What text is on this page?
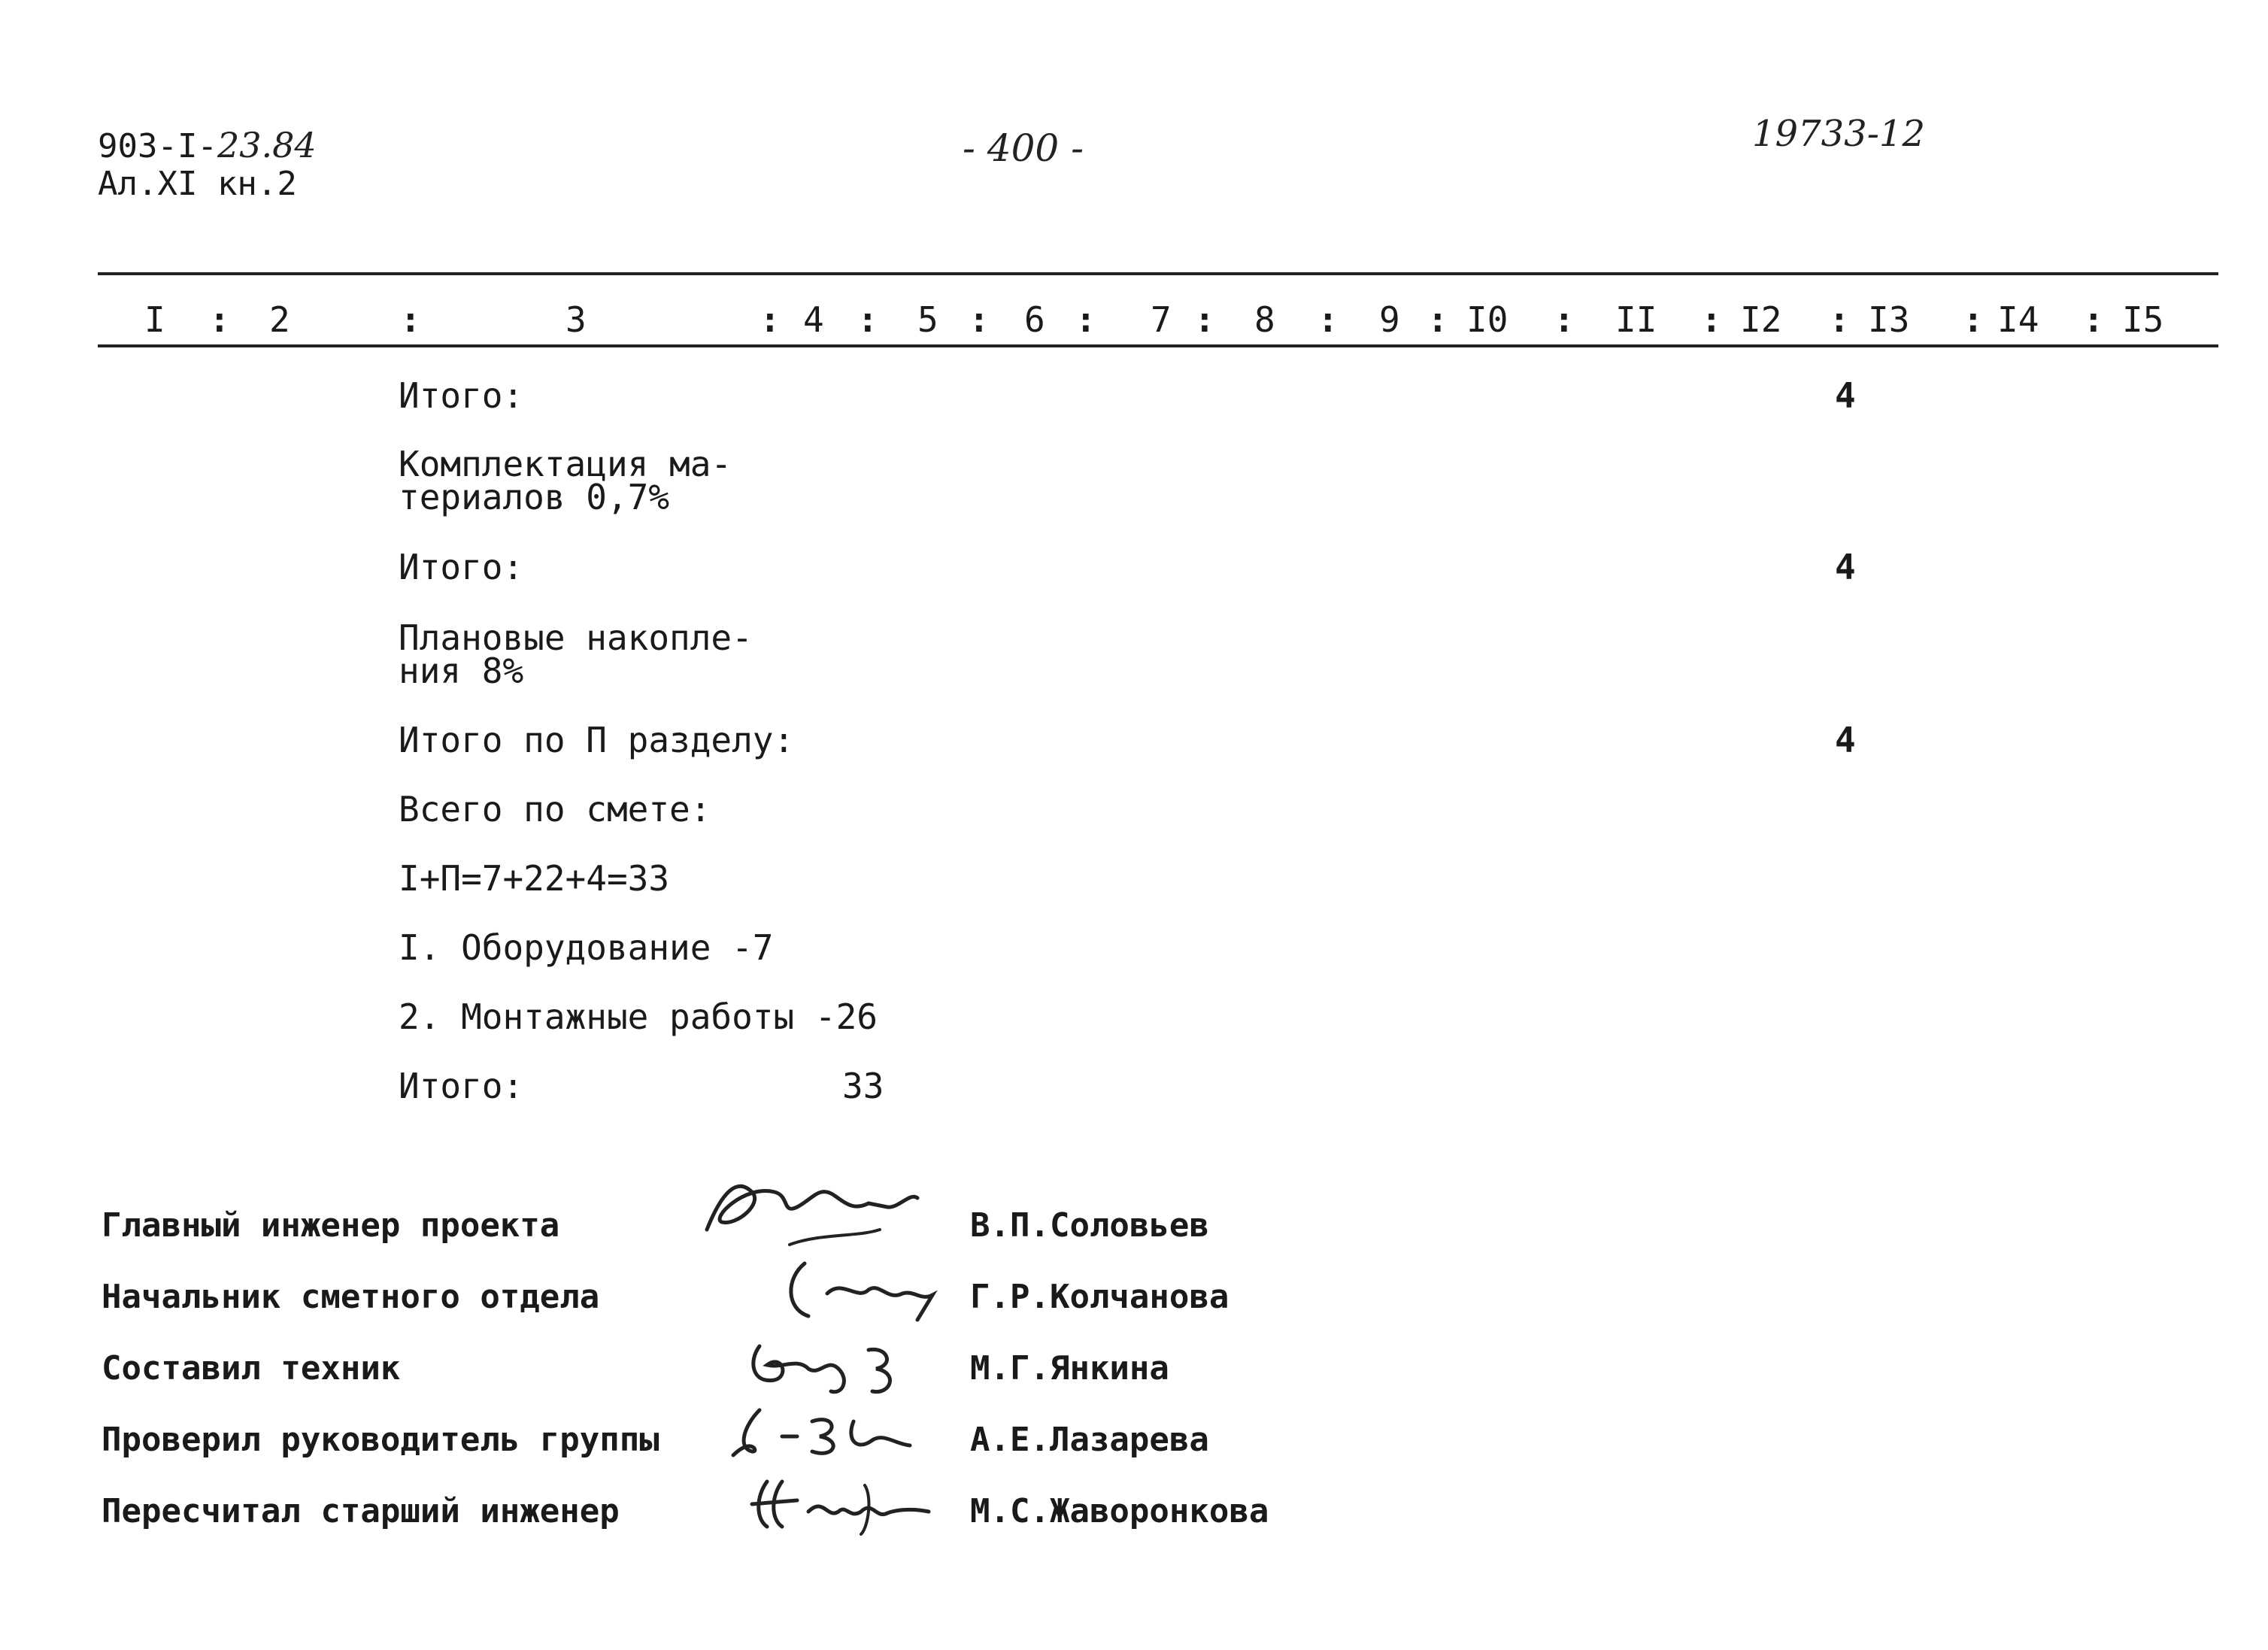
903-I-23.84
Ал.XI кн.2
- 400 -	19733-12
I : 2	:	3	: 4 : 5 : 6 : 7 : 8 : 9 : I0 : II : I2 : I3 : I4 : I5
Итого:	4
Комплектация ма-
териалов 0,7%
Итого:	4
Плановые накопле-
ния 8%
Итого по П разделу:	4
Всего по смете:
I+П=7+22+4=33
I. Оборудование -7
2. Монтажные работы -26
Итого:	33
Главный инженер проекта	В.П.Соловьев
Начальник сметного отдела	Г.Р.Колчанова
Составил техник	М.Г.Янкина
Проверил руководитель группы	А.Е.Лазарева
Пересчитал старший инженер	М.С.Жаворонкова
